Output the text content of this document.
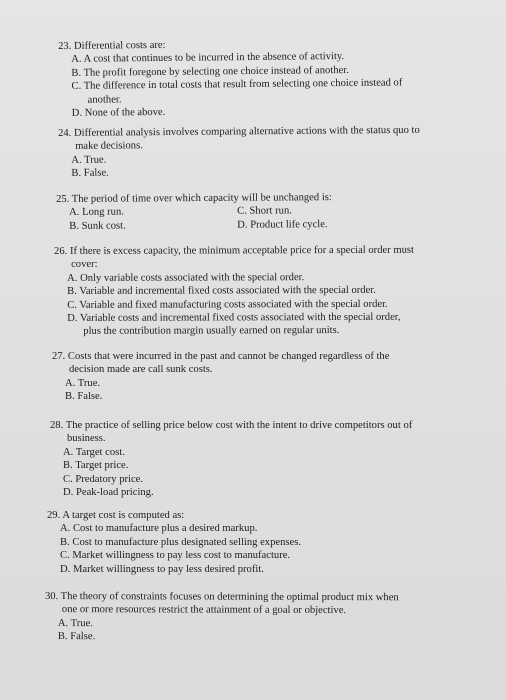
23. Differential costs are:
A. A cost that continues to be incurred in the absence of activity.
B. The profit foregone by selecting one choice instead of another.
C. The difference in total costs that result from selecting one choice instead of
another.
D. None of the above.
24. Differential analysis involves comparing alternative actions with the status quo to
make decisions.
A. True.
B. False.
25. The period of time over which capacity will be unchanged is:
A. Long run.	C. Short run.
B. Sunk cost.	D. Product life cycle.
26. If there is excess capacity, the minimum acceptable price for a special order must
cover:
A. Only variable costs associated with the special order.
B. Variable and incremental fixed costs associated with the special order.
C. Variable and fixed manufacturing costs associated with the special order.
D. Variable costs and incremental fixed costs associated with the special order,
plus the contribution margin usually earned on regular units.
27. Costs that were incurred in the past and cannot be changed regardless of the
decision made are call sunk costs.
A. True.
B. False.
28. The practice of selling price below cost with the intent to drive competitors out of
business.
A. Target cost.
B. Target price.
C. Predatory price.
D. Peak-load pricing.
29. A target cost is computed as:
A. Cost to manufacture plus a desired markup.
B. Cost to manufacture plus designated selling expenses.
C. Market willingness to pay less cost to manufacture.
D. Market willingness to pay less desired profit.
30. The theory of constraints focuses on determining the optimal product mix when
one or more resources restrict the attainment of a goal or objective.
A. True.
B. False.
